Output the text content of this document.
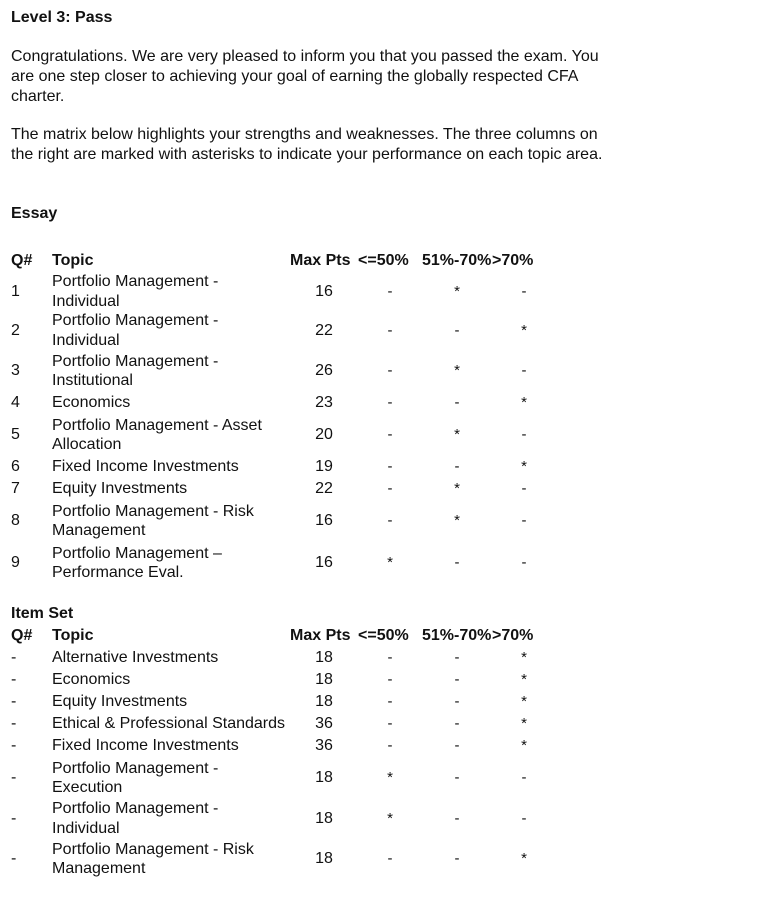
Level 3: Pass

Congratulations. We are very pleased to inform you that you passed the exam. You are one step closer to achieving your goal of earning the globally respected CFA charter.

The matrix below highlights your strengths and weaknesses. The three columns on the right are marked with asterisks to indicate your performance on each topic area.

Essay

Q#	Topic	Max Pts	<=50%	51%-70%	>70%
1	Portfolio Management - Individual	16	-	*	-
2	Portfolio Management - Individual	22	-	-	*
3	Portfolio Management - Institutional	26	-	*	-
4	Economics	23	-	-	*
5	Portfolio Management - Asset Allocation	20	-	*	-
6	Fixed Income Investments	19	-	-	*
7	Equity Investments	22	-	*	-
8	Portfolio Management - Risk Management	16	-	*	-
9	Portfolio Management – Performance Eval.	16	*	-	-

Item Set

Q#	Topic	Max Pts	<=50%	51%-70%	>70%
-	Alternative Investments	18	-	-	*
-	Economics	18	-	-	*
-	Equity Investments	18	-	-	*
-	Ethical & Professional Standards	36	-	-	*
-	Fixed Income Investments	36	-	-	*
-	Portfolio Management - Execution	18	*	-	-
-	Portfolio Management - Individual	18	*	-	-
-	Portfolio Management - Risk Management	18	-	-	*
